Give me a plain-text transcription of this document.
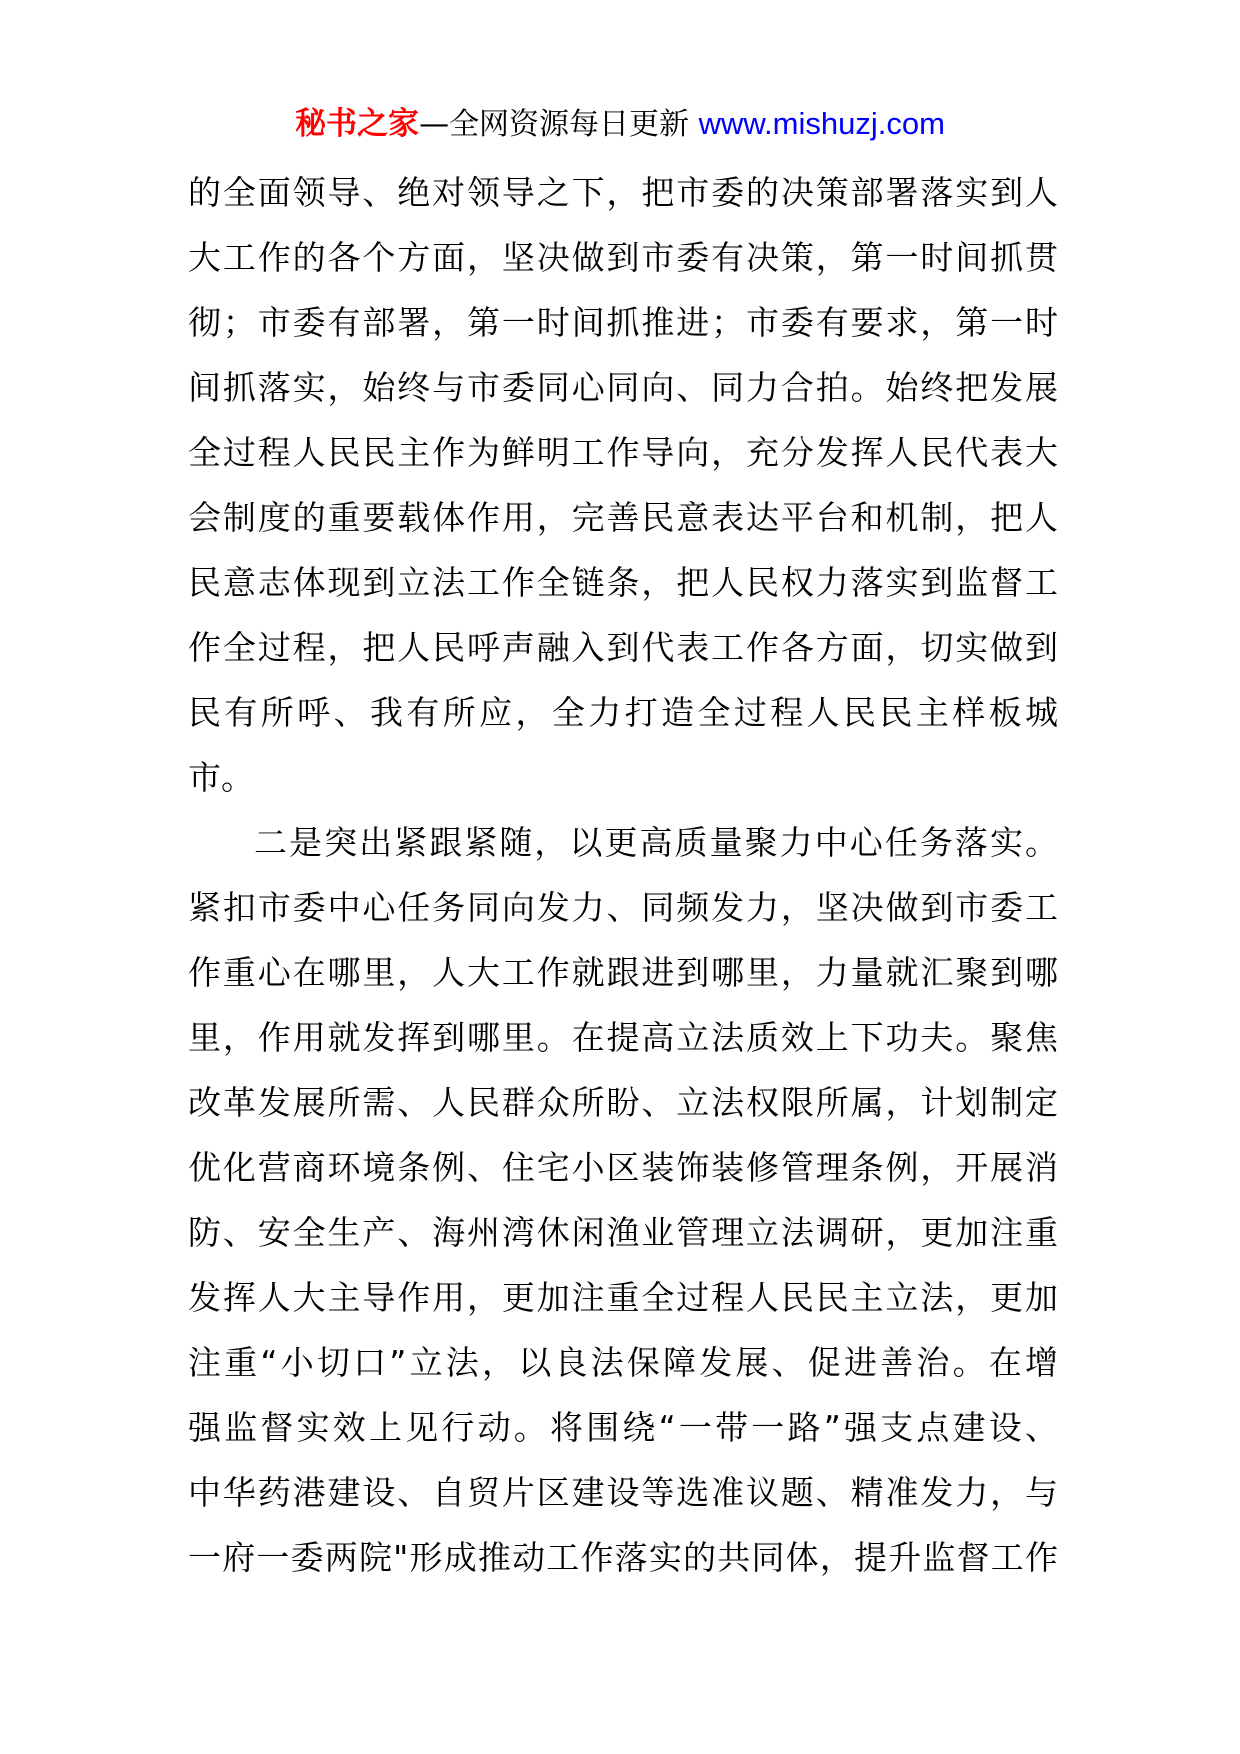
秘书之家—全网资源每日更新 www.mishuzj.com
的全面领导、绝对领导之下，把市委的决策部署落实到人
大工作的各个方面，坚决做到市委有决策，第一时间抓贯
彻；市委有部署，第一时间抓推进；市委有要求，第一时
间抓落实，始终与市委同心同向、同力合拍。始终把发展
全过程人民民主作为鲜明工作导向，充分发挥人民代表大
会制度的重要载体作用，完善民意表达平台和机制，把人
民意志体现到立法工作全链条，把人民权力落实到监督工
作全过程，把人民呼声融入到代表工作各方面，切实做到
民有所呼、我有所应，全力打造全过程人民民主样板城
市。
二是突出紧跟紧随，以更高质量聚力中心任务落实。
紧扣市委中心任务同向发力、同频发力，坚决做到市委工
作重心在哪里，人大工作就跟进到哪里，力量就汇聚到哪
里，作用就发挥到哪里。在提高立法质效上下功夫。聚焦
改革发展所需、人民群众所盼、立法权限所属，计划制定
优化营商环境条例、住宅小区装饰装修管理条例，开展消
防、安全生产、海州湾休闲渔业管理立法调研，更加注重
发挥人大主导作用，更加注重全过程人民民主立法，更加
注重“小切口”立法，以良法保障发展、促进善治。在增
强监督实效上见行动。将围绕“一带一路”强支点建设、
中华药港建设、自贸片区建设等选准议题、精准发力，与
一府一委两院"形成推动工作落实的共同体，提升监督工作
